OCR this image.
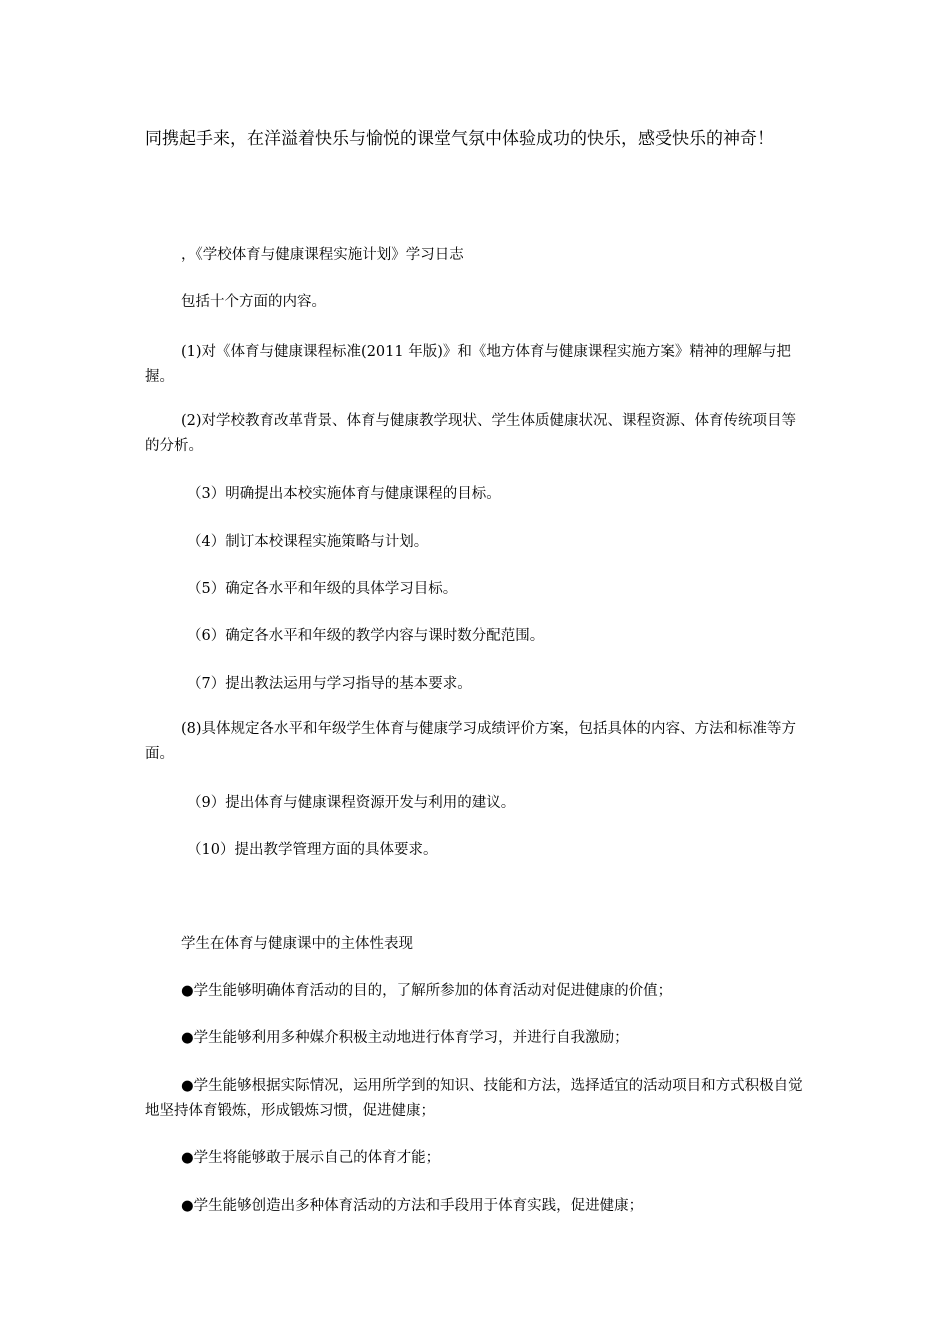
同携起手来，在洋溢着快乐与愉悦的课堂气氛中体验成功的快乐，感受快乐的神奇！

，《学校体育与健康课程实施计划》学习日志

包括十个方面的内容。

(1)对《体育与健康课程标准(2011 年版)》和《地方体育与健康课程实施方案》精神的理解与把握。

(2)对学校教育改革背景、体育与健康教学现状、学生体质健康状况、课程资源、体育传统项目等的分析。

（3）明确提出本校实施体育与健康课程的目标。

（4）制订本校课程实施策略与计划。

（5）确定各水平和年级的具体学习目标。

（6）确定各水平和年级的教学内容与课时数分配范围。

（7）提出教法运用与学习指导的基本要求。

(8)具体规定各水平和年级学生体育与健康学习成绩评价方案，包括具体的内容、方法和标准等方面。

（9）提出体育与健康课程资源开发与利用的建议。

（10）提出教学管理方面的具体要求。

学生在体育与健康课中的主体性表现

●学生能够明确体育活动的目的，了解所参加的体育活动对促进健康的价值；

●学生能够利用多种媒介积极主动地进行体育学习，并进行自我激励；

●学生能够根据实际情况，运用所学到的知识、技能和方法，选择适宜的活动项目和方式积极自觉地坚持体育锻炼，形成锻炼习惯，促进健康；

●学生将能够敢于展示自己的体育才能；

●学生能够创造出多种体育活动的方法和手段用于体育实践，促进健康；
